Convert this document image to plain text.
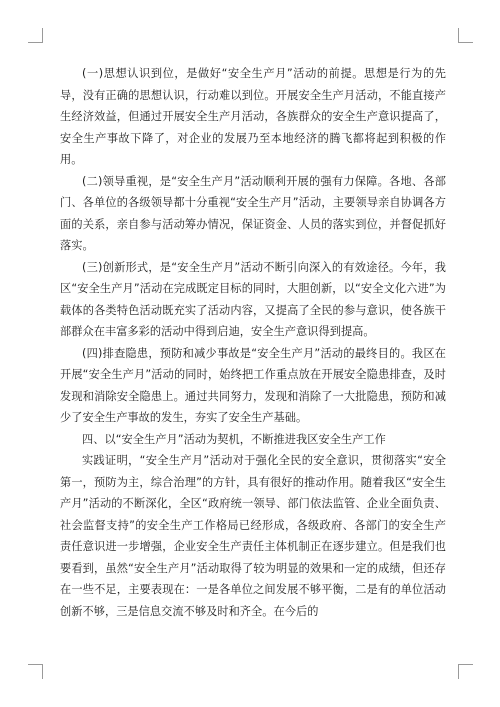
(一)思想认识到位，是做好“安全生产月”活动的前提。思想是行为的先导，没有正确的思想认识，行动难以到位。开展安全生产月活动，不能直接产生经济效益，但通过开展安全生产月活动，各族群众的安全生产意识提高了，安全生产事故下降了，对企业的发展乃至本地经济的腾飞都将起到积极的作用。

(二)领导重视，是“安全生产月”活动顺利开展的强有力保障。各地、各部门、各单位的各级领导都十分重视“安全生产月”活动，主要领导亲自协调各方面的关系，亲自参与活动筹办情况，保证资金、人员的落实到位，并督促抓好落实。

(三)创新形式，是“安全生产月”活动不断引向深入的有效途径。今年，我区“安全生产月”活动在完成既定目标的同时，大胆创新，以“安全文化六进”为载体的各类特色活动既充实了活动内容，又提高了全民的参与意识，使各族干部群众在丰富多彩的活动中得到启迪，安全生产意识得到提高。

(四)排查隐患，预防和减少事故是“安全生产月”活动的最终目的。我区在开展“安全生产月”活动的同时，始终把工作重点放在开展安全隐患排查，及时发现和消除安全隐患上。通过共同努力，发现和消除了一大批隐患，预防和减少了安全生产事故的发生，夯实了安全生产基础。

四、以“安全生产月”活动为契机，不断推进我区安全生产工作

实践证明，“安全生产月”活动对于强化全民的安全意识，贯彻落实“安全第一，预防为主，综合治理”的方针，具有很好的推动作用。随着我区“安全生产月”活动的不断深化，全区“政府统一领导、部门依法监管、企业全面负责、社会监督支持”的安全生产工作格局已经形成，各级政府、各部门的安全生产责任意识进一步增强，企业安全生产责任主体机制正在逐步建立。但是我们也要看到，虽然“安全生产月”活动取得了较为明显的效果和一定的成绩，但还存在一些不足，主要表现在：一是各单位之间发展不够平衡，二是有的单位活动创新不够，三是信息交流不够及时和齐全。在今后的
